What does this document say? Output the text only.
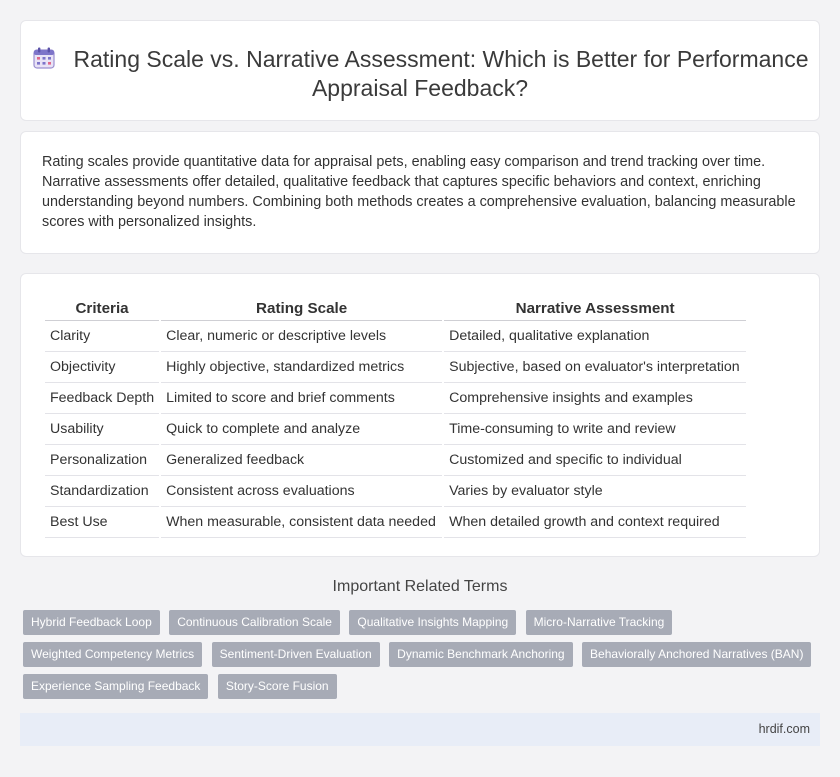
Rating Scale vs. Narrative Assessment: Which is Better for Performance Appraisal Feedback?

Rating scales provide quantitative data for appraisal pets, enabling easy comparison and trend tracking over time. Narrative assessments offer detailed, qualitative feedback that captures specific behaviors and context, enriching understanding beyond numbers. Combining both methods creates a comprehensive evaluation, balancing measurable scores with personalized insights.

Criteria	Rating Scale	Narrative Assessment
Clarity	Clear, numeric or descriptive levels	Detailed, qualitative explanation
Objectivity	Highly objective, standardized metrics	Subjective, based on evaluator's interpretation
Feedback Depth	Limited to score and brief comments	Comprehensive insights and examples
Usability	Quick to complete and analyze	Time-consuming to write and review
Personalization	Generalized feedback	Customized and specific to individual
Standardization	Consistent across evaluations	Varies by evaluator style
Best Use	When measurable, consistent data needed	When detailed growth and context required
Important Related Terms
Hybrid Feedback Loop Continuous Calibration Scale Qualitative Insights Mapping Micro-Narrative Tracking
Weighted Competency Metrics Sentiment-Driven Evaluation Dynamic Benchmark Anchoring Behaviorally Anchored Narratives (BAN)
Experience Sampling Feedback Story-Score Fusion
hrdif.com
